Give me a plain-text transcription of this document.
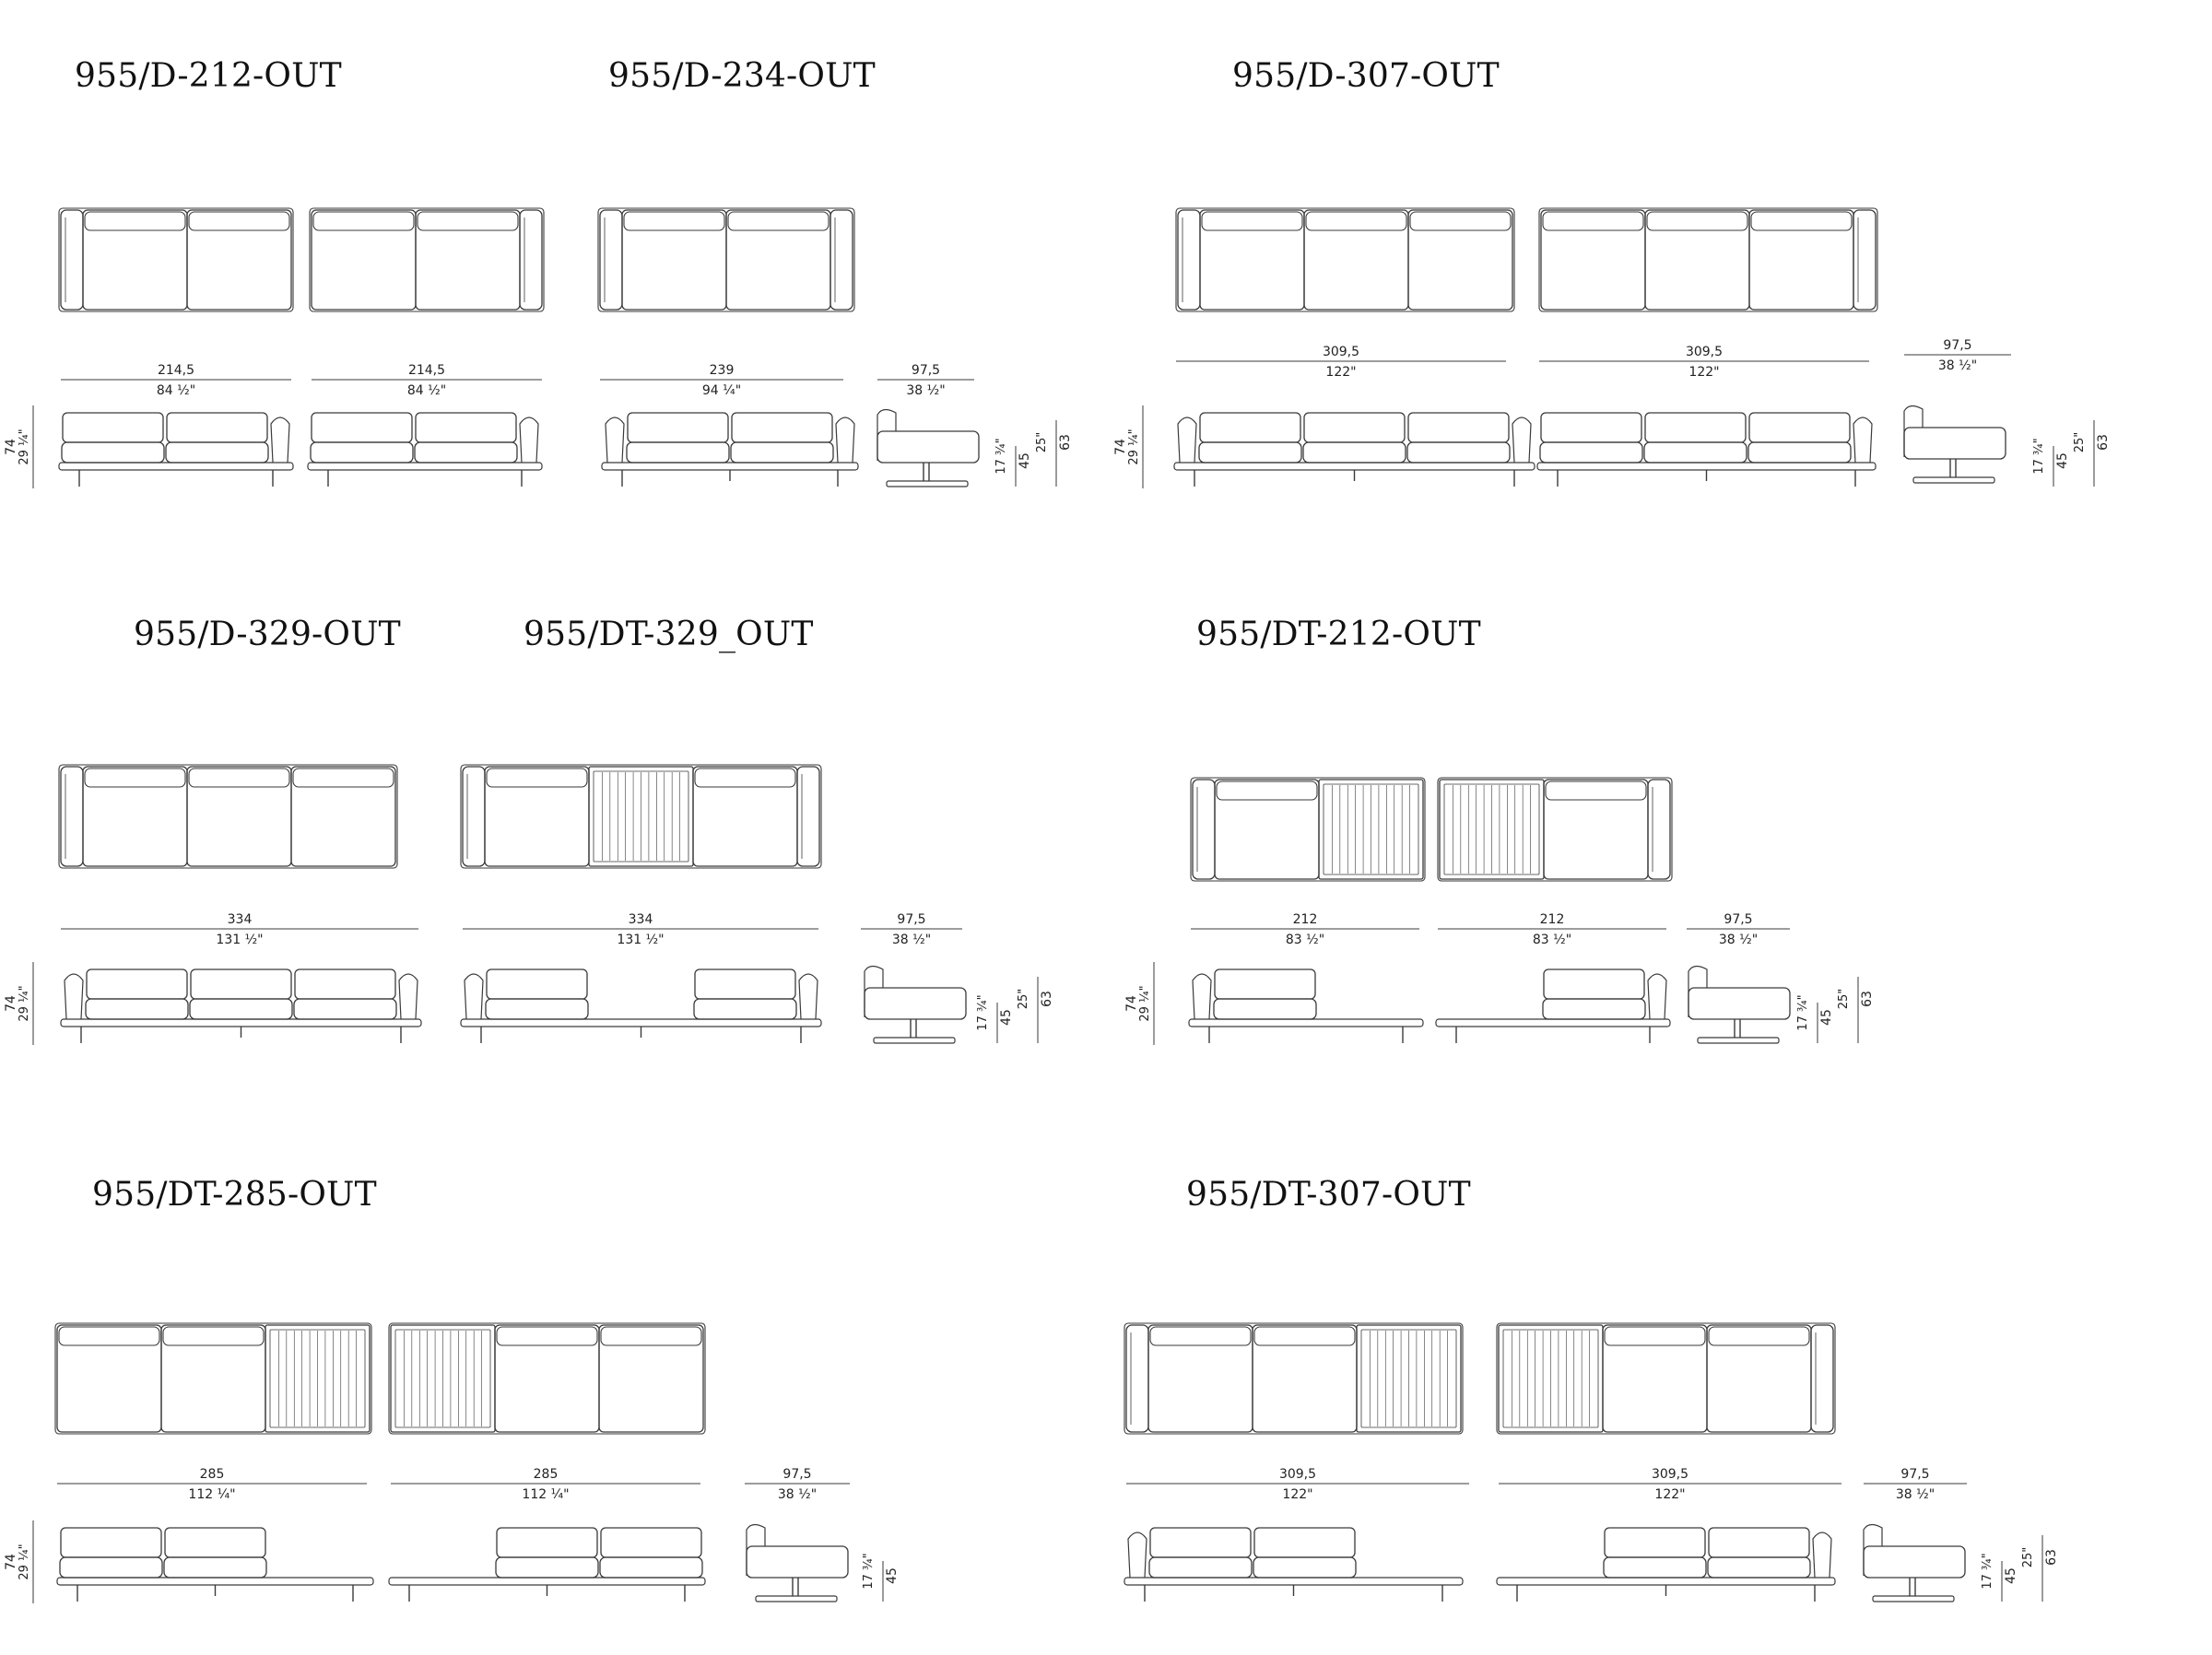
955/D-212-OUT	955/D-234-OUT	955/D-307-OUT
955/D-329-OUT	955/DT-329_OUT	955/DT-212-OUT
955/DT-285-OUT	955/DT-307-OUT
214,5
84 ½"
214,5
84 ½"
74 29 ¼"
239
94 ¼"
97,5
38 ½"
17 ¾" 45
25" 63
309,5
122"
309,5
122"
97,5
38 ½"
17 ¾" 45
25" 63
74 29 ¼"
334
131 ½"
74 29 ¼"
334
131 ½"
97,5
38 ½"
17 ¾" 45
25" 63
212
83 ½"
212
83 ½"
97,5
38 ½"
17 ¾" 45
25" 63
74 29 ¼"
285
112 ¼"
285
112 ¼"
97,5
38 ½"
17 ¾" 45
74 29 ¼"
309,5
122"
309,5
122"
97,5
38 ½"
17 ¾" 45
25" 63
